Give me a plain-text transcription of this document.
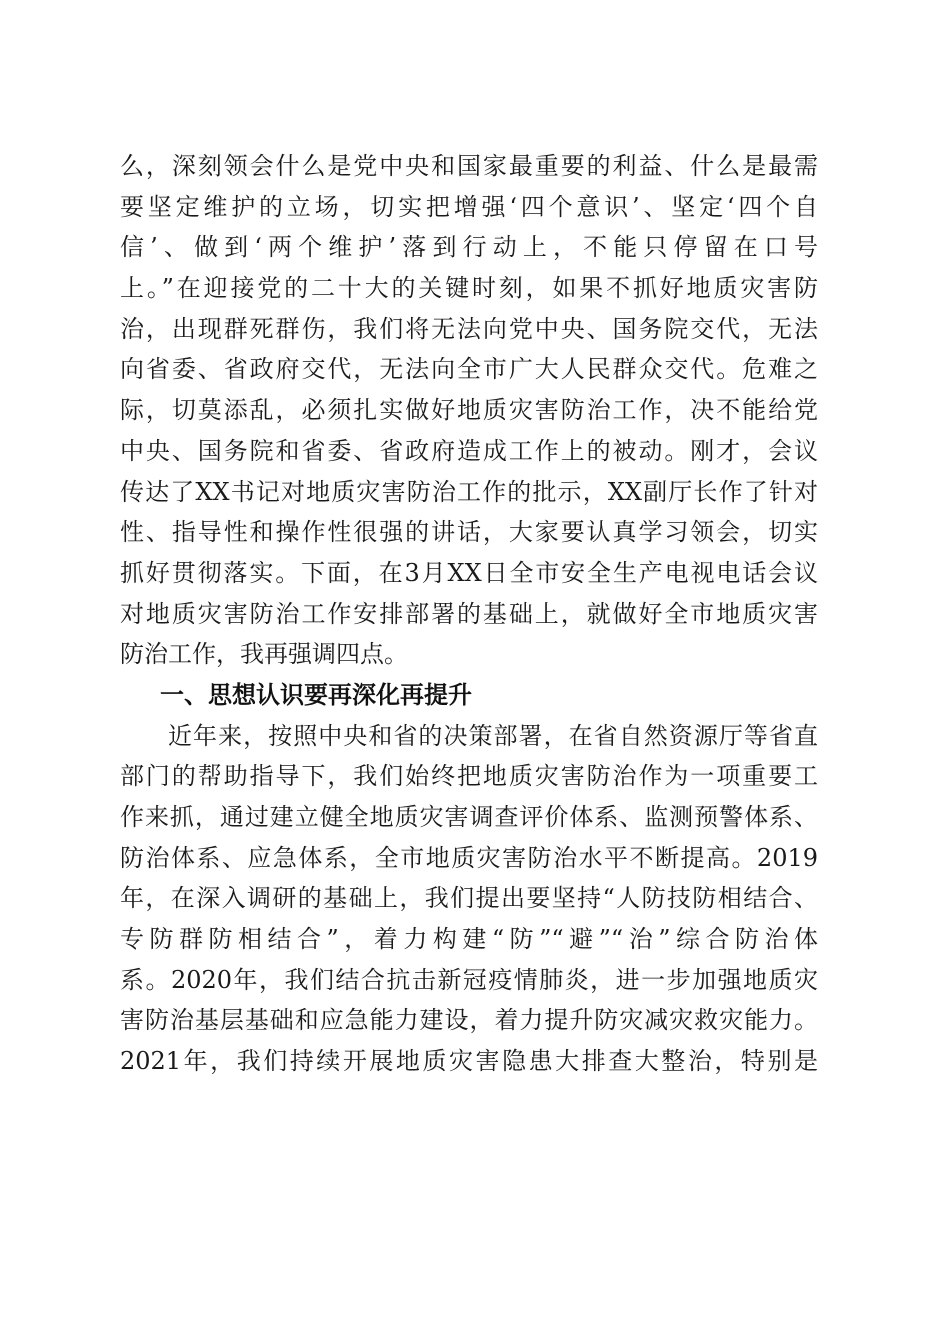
么，深刻领会什么是党中央和国家最重要的利益、什么是最需
要坚定维护的立场，切实把增强‘四个意识’、坚定‘四个自
信’、做到‘两个维护’落到行动上，不能只停留在口号
上。”在迎接党的二十大的关键时刻，如果不抓好地质灾害防
治，出现群死群伤，我们将无法向党中央、国务院交代，无法
向省委、省政府交代，无法向全市广大人民群众交代。危难之
际，切莫添乱，必须扎实做好地质灾害防治工作，决不能给党
中央、国务院和省委、省政府造成工作上的被动。刚才，会议
传达了XX书记对地质灾害防治工作的批示，XX副厅长作了针对
性、指导性和操作性很强的讲话，大家要认真学习领会，切实
抓好贯彻落实。下面，在3月XX日全市安全生产电视电话会议
对地质灾害防治工作安排部署的基础上，就做好全市地质灾害
防治工作，我再强调四点。
一、思想认识要再深化再提升
近年来，按照中央和省的决策部署，在省自然资源厅等省直
部门的帮助指导下，我们始终把地质灾害防治作为一项重要工
作来抓，通过建立健全地质灾害调查评价体系、监测预警体系、
防治体系、应急体系，全市地质灾害防治水平不断提高。2019
年，在深入调研的基础上，我们提出要坚持“人防技防相结合、
专防群防相结合”，着力构建“防”“避”“治”综合防治体
系。2020年，我们结合抗击新冠疫情肺炎，进一步加强地质灾
害防治基层基础和应急能力建设，着力提升防灾减灾救灾能力。
2021年，我们持续开展地质灾害隐患大排查大整治，特别是
